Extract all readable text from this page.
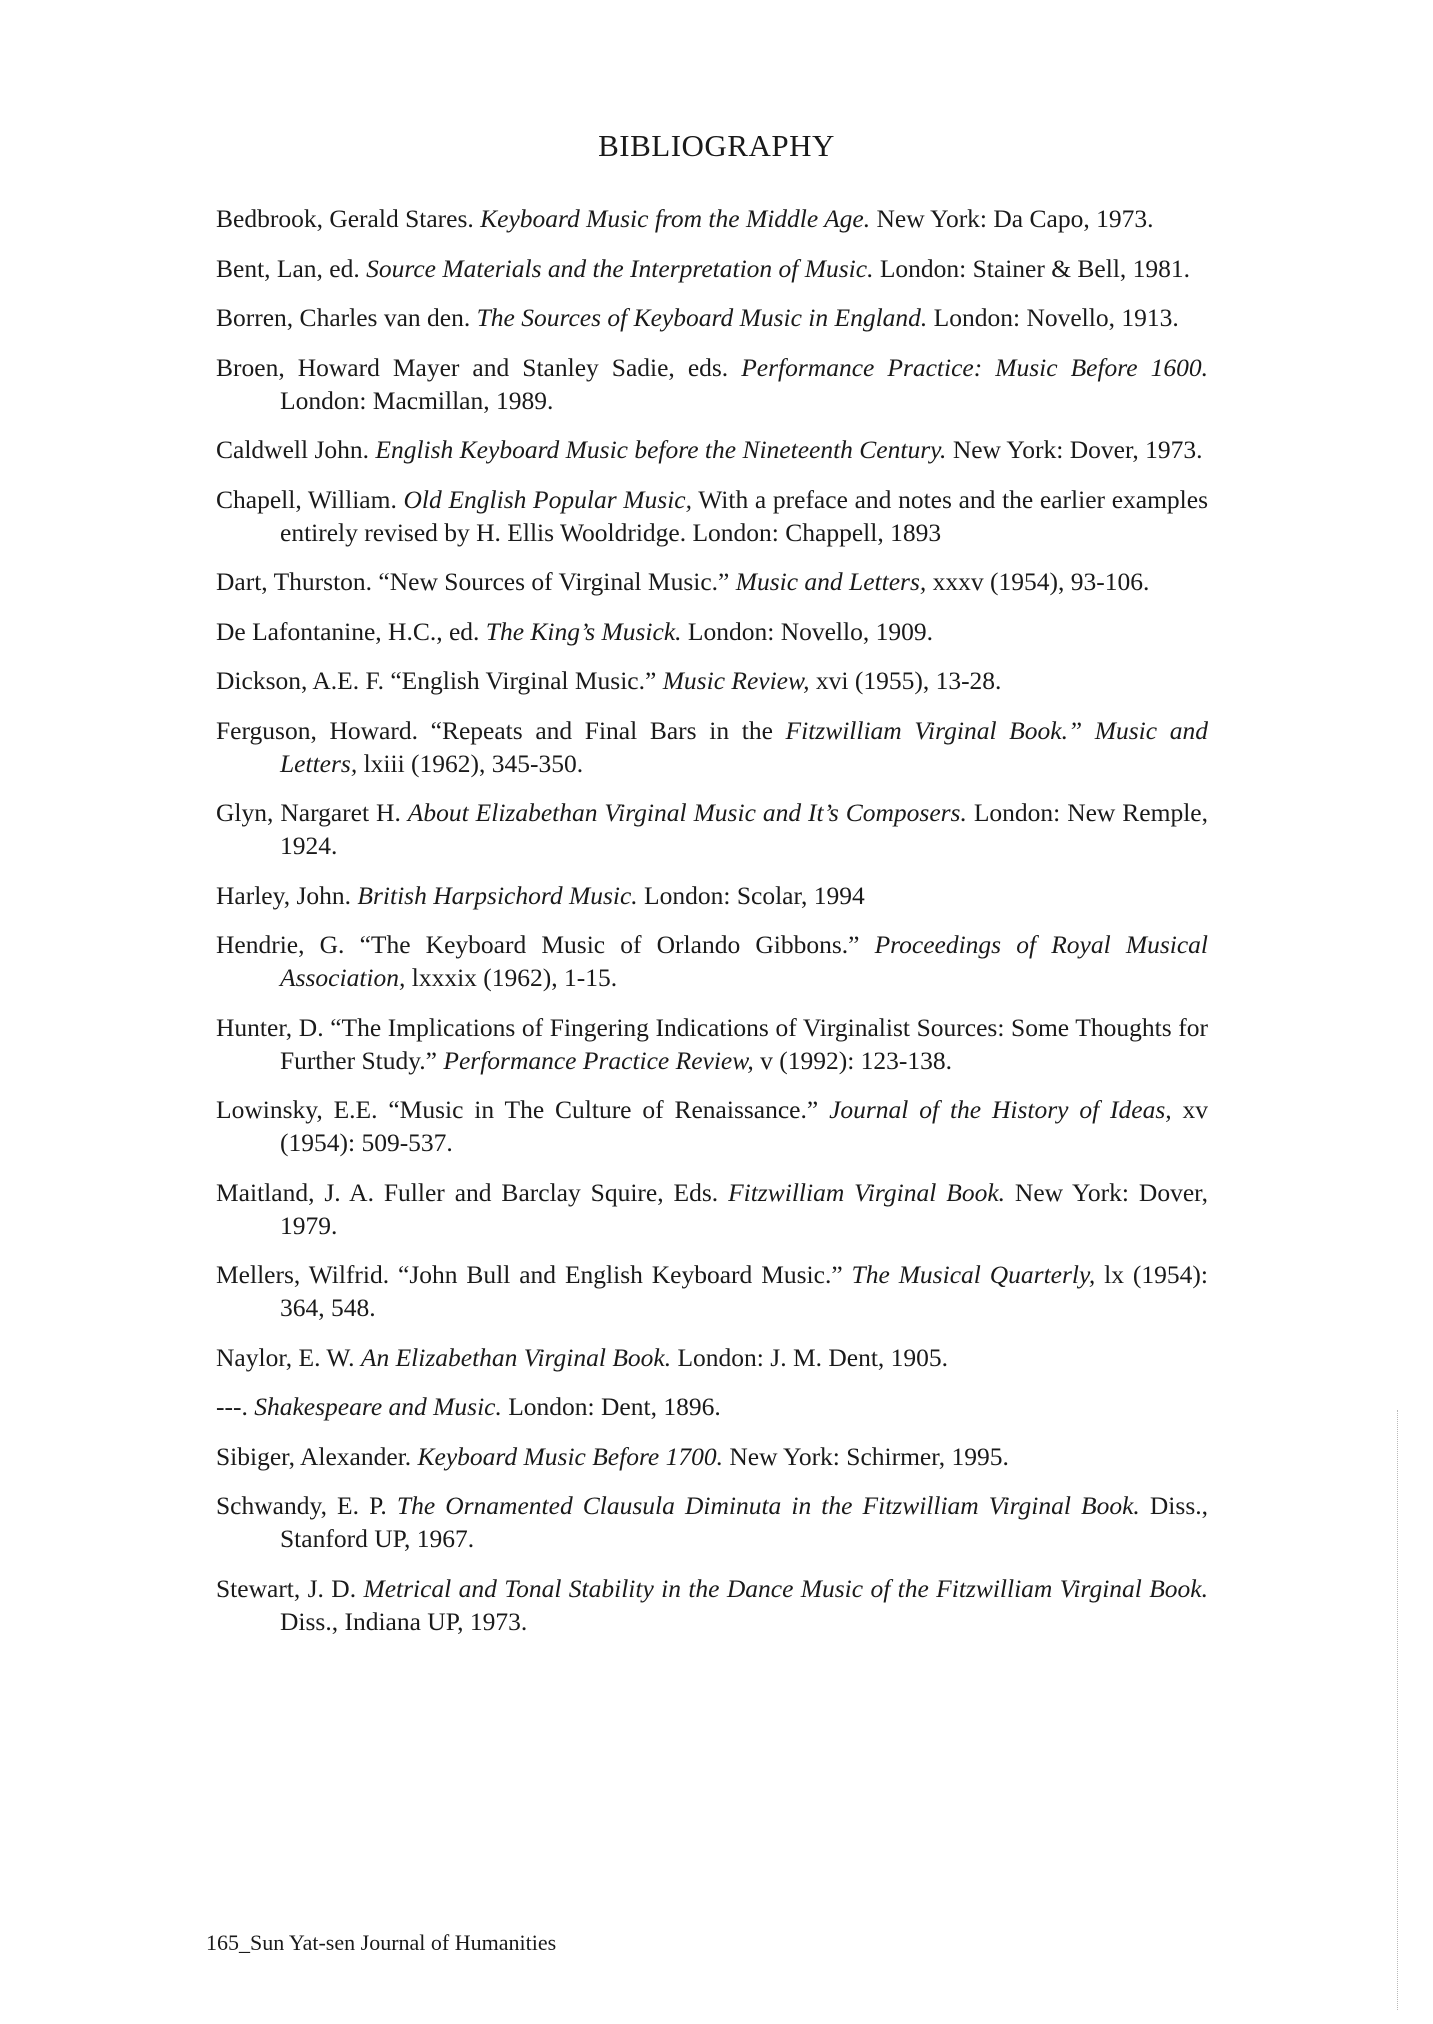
BIBLIOGRAPHY

Bedbrook, Gerald Stares. Keyboard Music from the Middle Age. New York: Da Capo, 1973.

Bent, Lan, ed. Source Materials and the Interpretation of Music. London: Stainer & Bell, 1981.

Borren, Charles van den. The Sources of Keyboard Music in England. London: Novello, 1913.

Broen, Howard Mayer and Stanley Sadie, eds. Performance Practice: Music Before 1600. London: Macmillan, 1989.

Caldwell John. English Keyboard Music before the Nineteenth Century. New York: Dover, 1973.

Chapell, William. Old English Popular Music, With a preface and notes and the earlier examples entirely revised by H. Ellis Wooldridge. London: Chappell, 1893

Dart, Thurston. “New Sources of Virginal Music.” Music and Letters, xxxv (1954), 93-106.

De Lafontanine, H.C., ed. The King’s Musick. London: Novello, 1909.

Dickson, A.E. F. “English Virginal Music.” Music Review, xvi (1955), 13-28.

Ferguson, Howard. “Repeats and Final Bars in the Fitzwilliam Virginal Book.” Music and Letters, lxiii (1962), 345-350.

Glyn, Nargaret H. About Elizabethan Virginal Music and It’s Composers. London: New Remple, 1924.

Harley, John. British Harpsichord Music. London: Scolar, 1994

Hendrie, G. “The Keyboard Music of Orlando Gibbons.” Proceedings of Royal Musical Association, lxxxix (1962), 1-15.

Hunter, D. “The Implications of Fingering Indications of Virginalist Sources: Some Thoughts for Further Study.” Performance Practice Review, v (1992): 123-138.

Lowinsky, E.E. “Music in The Culture of Renaissance.” Journal of the History of Ideas, xv (1954): 509-537.

Maitland, J. A. Fuller and Barclay Squire, Eds. Fitzwilliam Virginal Book. New York: Dover, 1979.

Mellers, Wilfrid. “John Bull and English Keyboard Music.” The Musical Quarterly, lx (1954): 364, 548.

Naylor, E. W. An Elizabethan Virginal Book. London: J. M. Dent, 1905.

---. Shakespeare and Music. London: Dent, 1896.

Sibiger, Alexander. Keyboard Music Before 1700. New York: Schirmer, 1995.

Schwandy, E. P. The Ornamented Clausula Diminuta in the Fitzwilliam Virginal Book. Diss., Stanford UP, 1967.

Stewart, J. D. Metrical and Tonal Stability in the Dance Music of the Fitzwilliam Virginal Book. Diss., Indiana UP, 1973.

165_Sun Yat-sen Journal of Humanities
